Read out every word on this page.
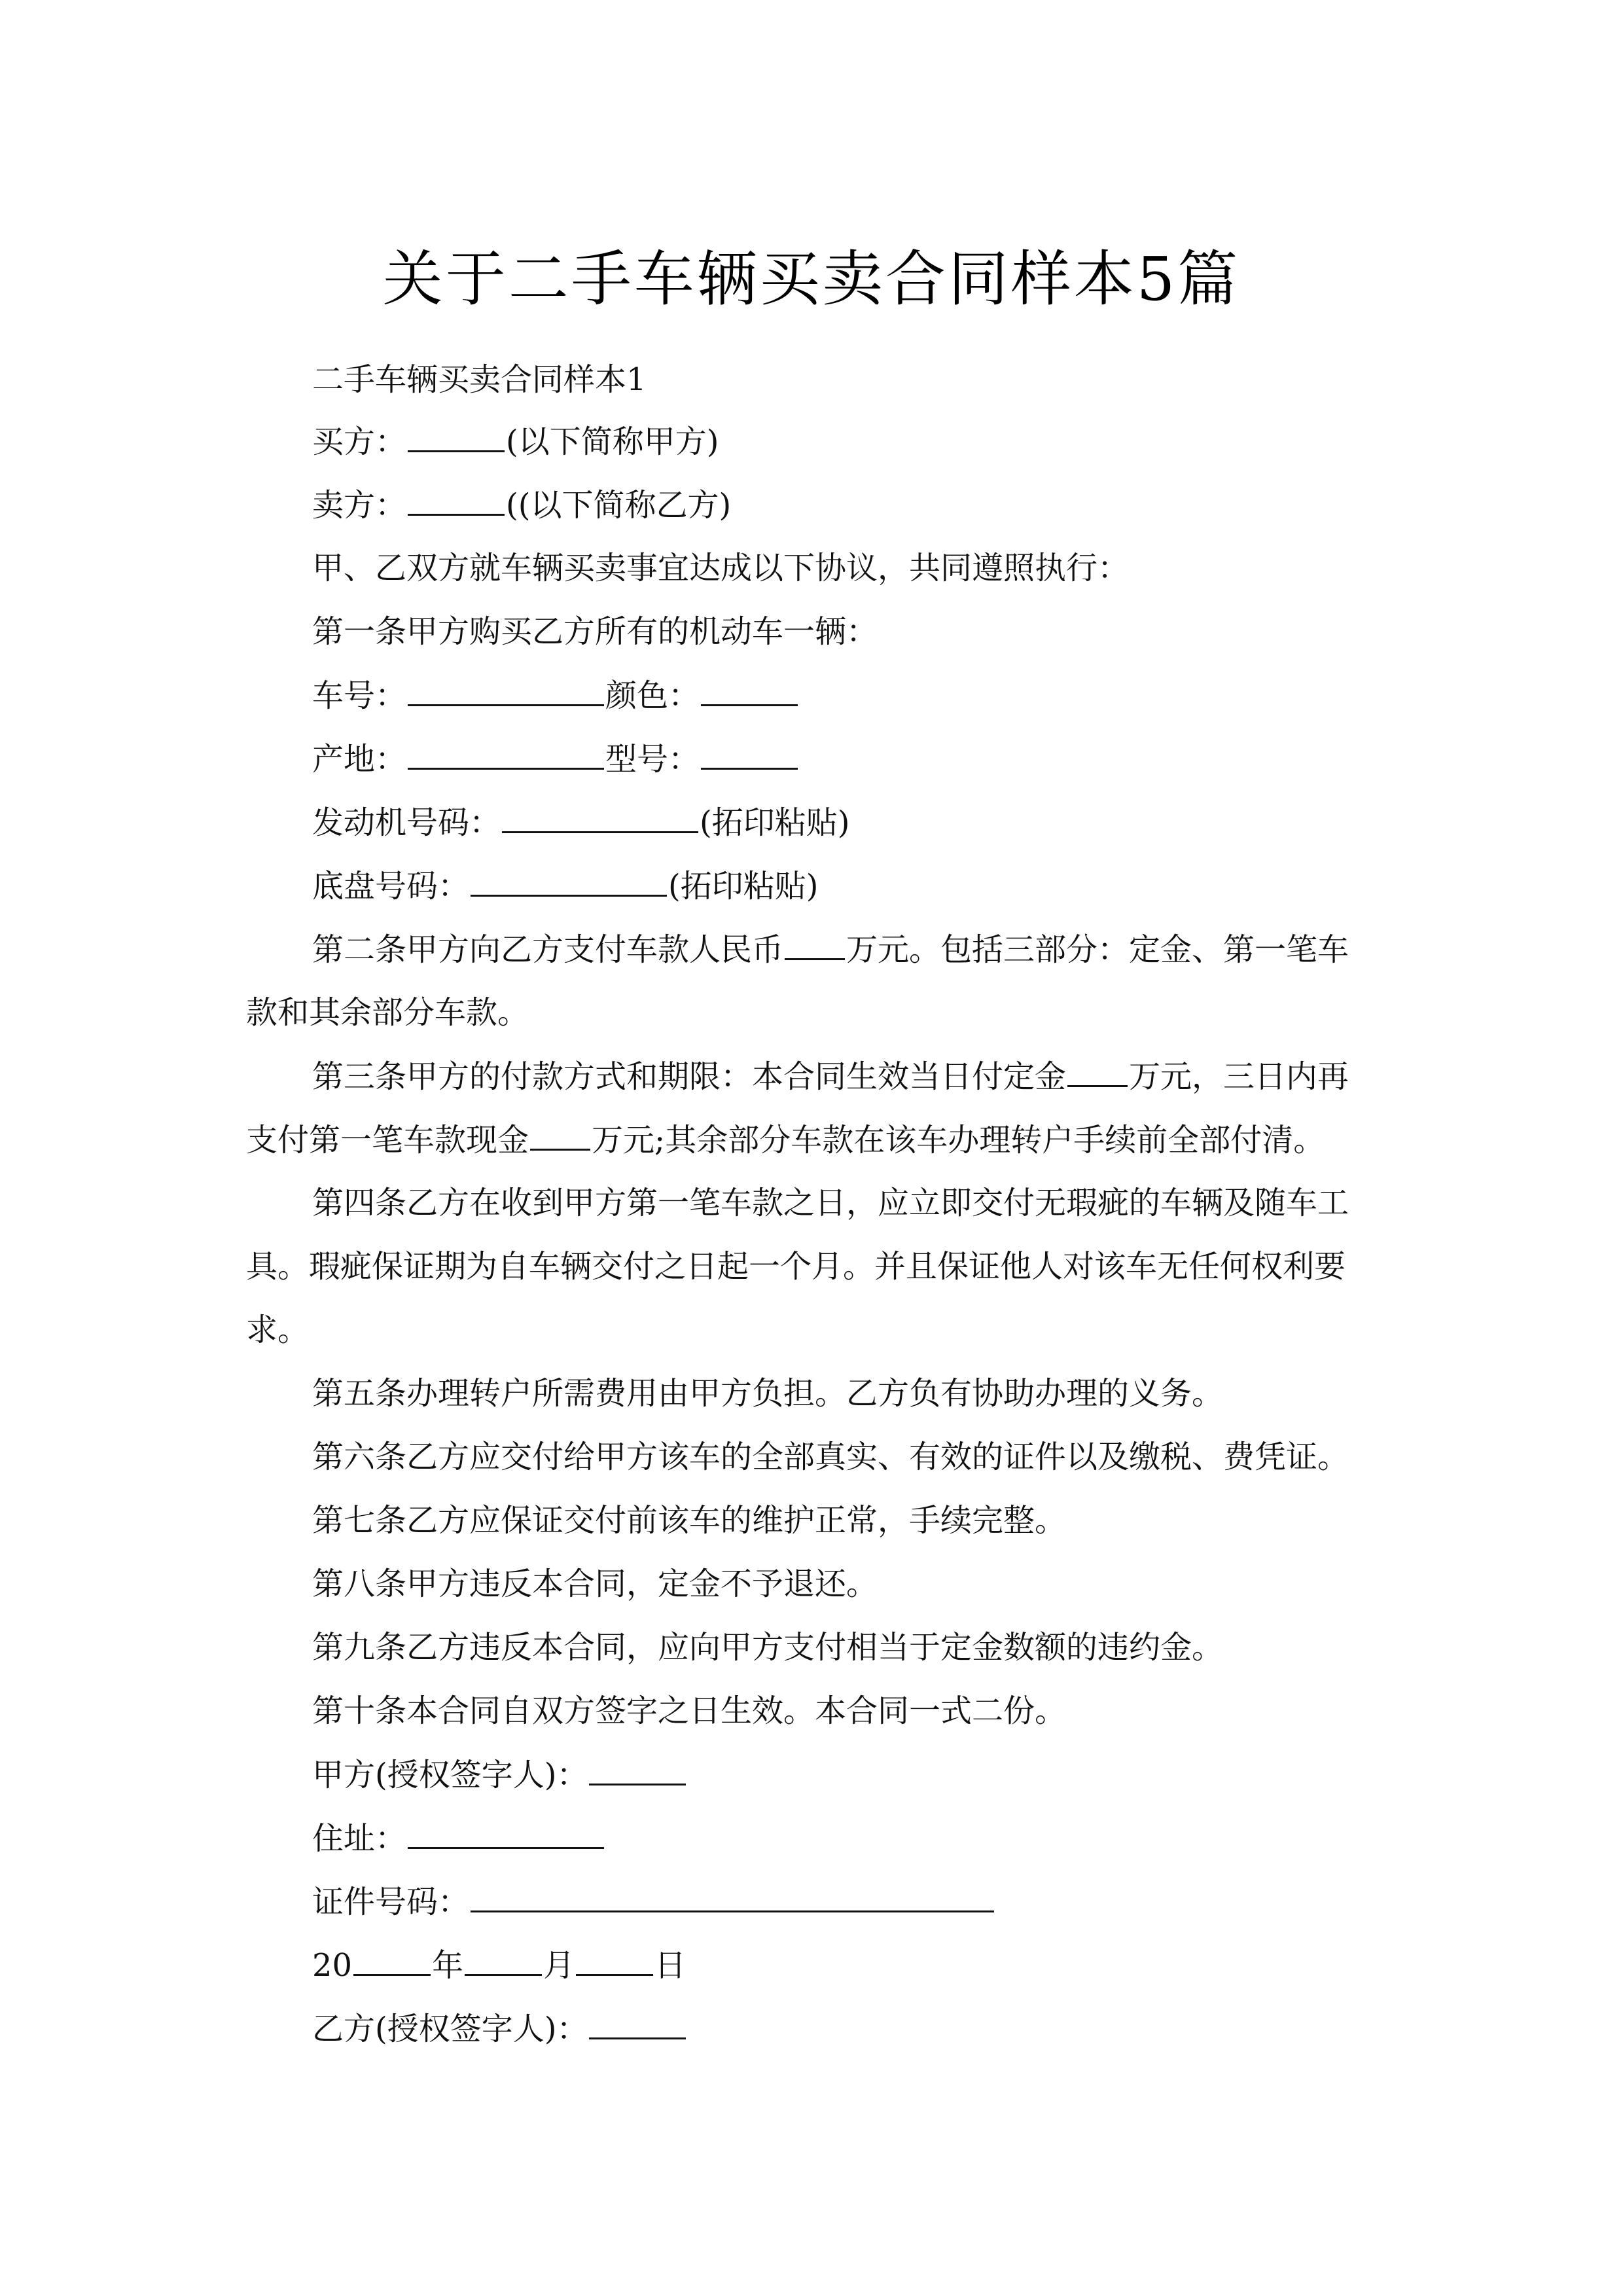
关于二手车辆买卖合同样本5篇
二手车辆买卖合同样本1
买方：	(以下简称甲方)
卖方：	((以下简称乙方)
甲、乙双方就车辆买卖事宜达成以下协议，共同遵照执行：
第一条甲方购买乙方所有的机动车一辆：
车号：	颜色：
产地：	型号：
发动机号码：	(拓印粘贴)
底盘号码：	(拓印粘贴)
第二条甲方向乙方支付车款人民币 万元。包括三部分：定金、第一笔车
款和其余部分车款。
第三条甲方的付款方式和期限：本合同生效当日付定金 万元，三日内再
支付第一笔车款现金 万元;其余部分车款在该车办理转户手续前全部付清。
第四条乙方在收到甲方第一笔车款之日，应立即交付无瑕疵的车辆及随车工
具。瑕疵保证期为自车辆交付之日起一个月。并且保证他人对该车无任何权利要
求。
第五条办理转户所需费用由甲方负担。乙方负有协助办理的义务。
第六条乙方应交付给甲方该车的全部真实、有效的证件以及缴税、费凭证。
第七条乙方应保证交付前该车的维护正常，手续完整。
第八条甲方违反本合同，定金不予退还。
第九条乙方违反本合同，应向甲方支付相当于定金数额的违约金。
第十条本合同自双方签字之日生效。本合同一式二份。
甲方(授权签字人)：
住址：
证件号码：
20	年	月	日
乙方(授权签字人)：
